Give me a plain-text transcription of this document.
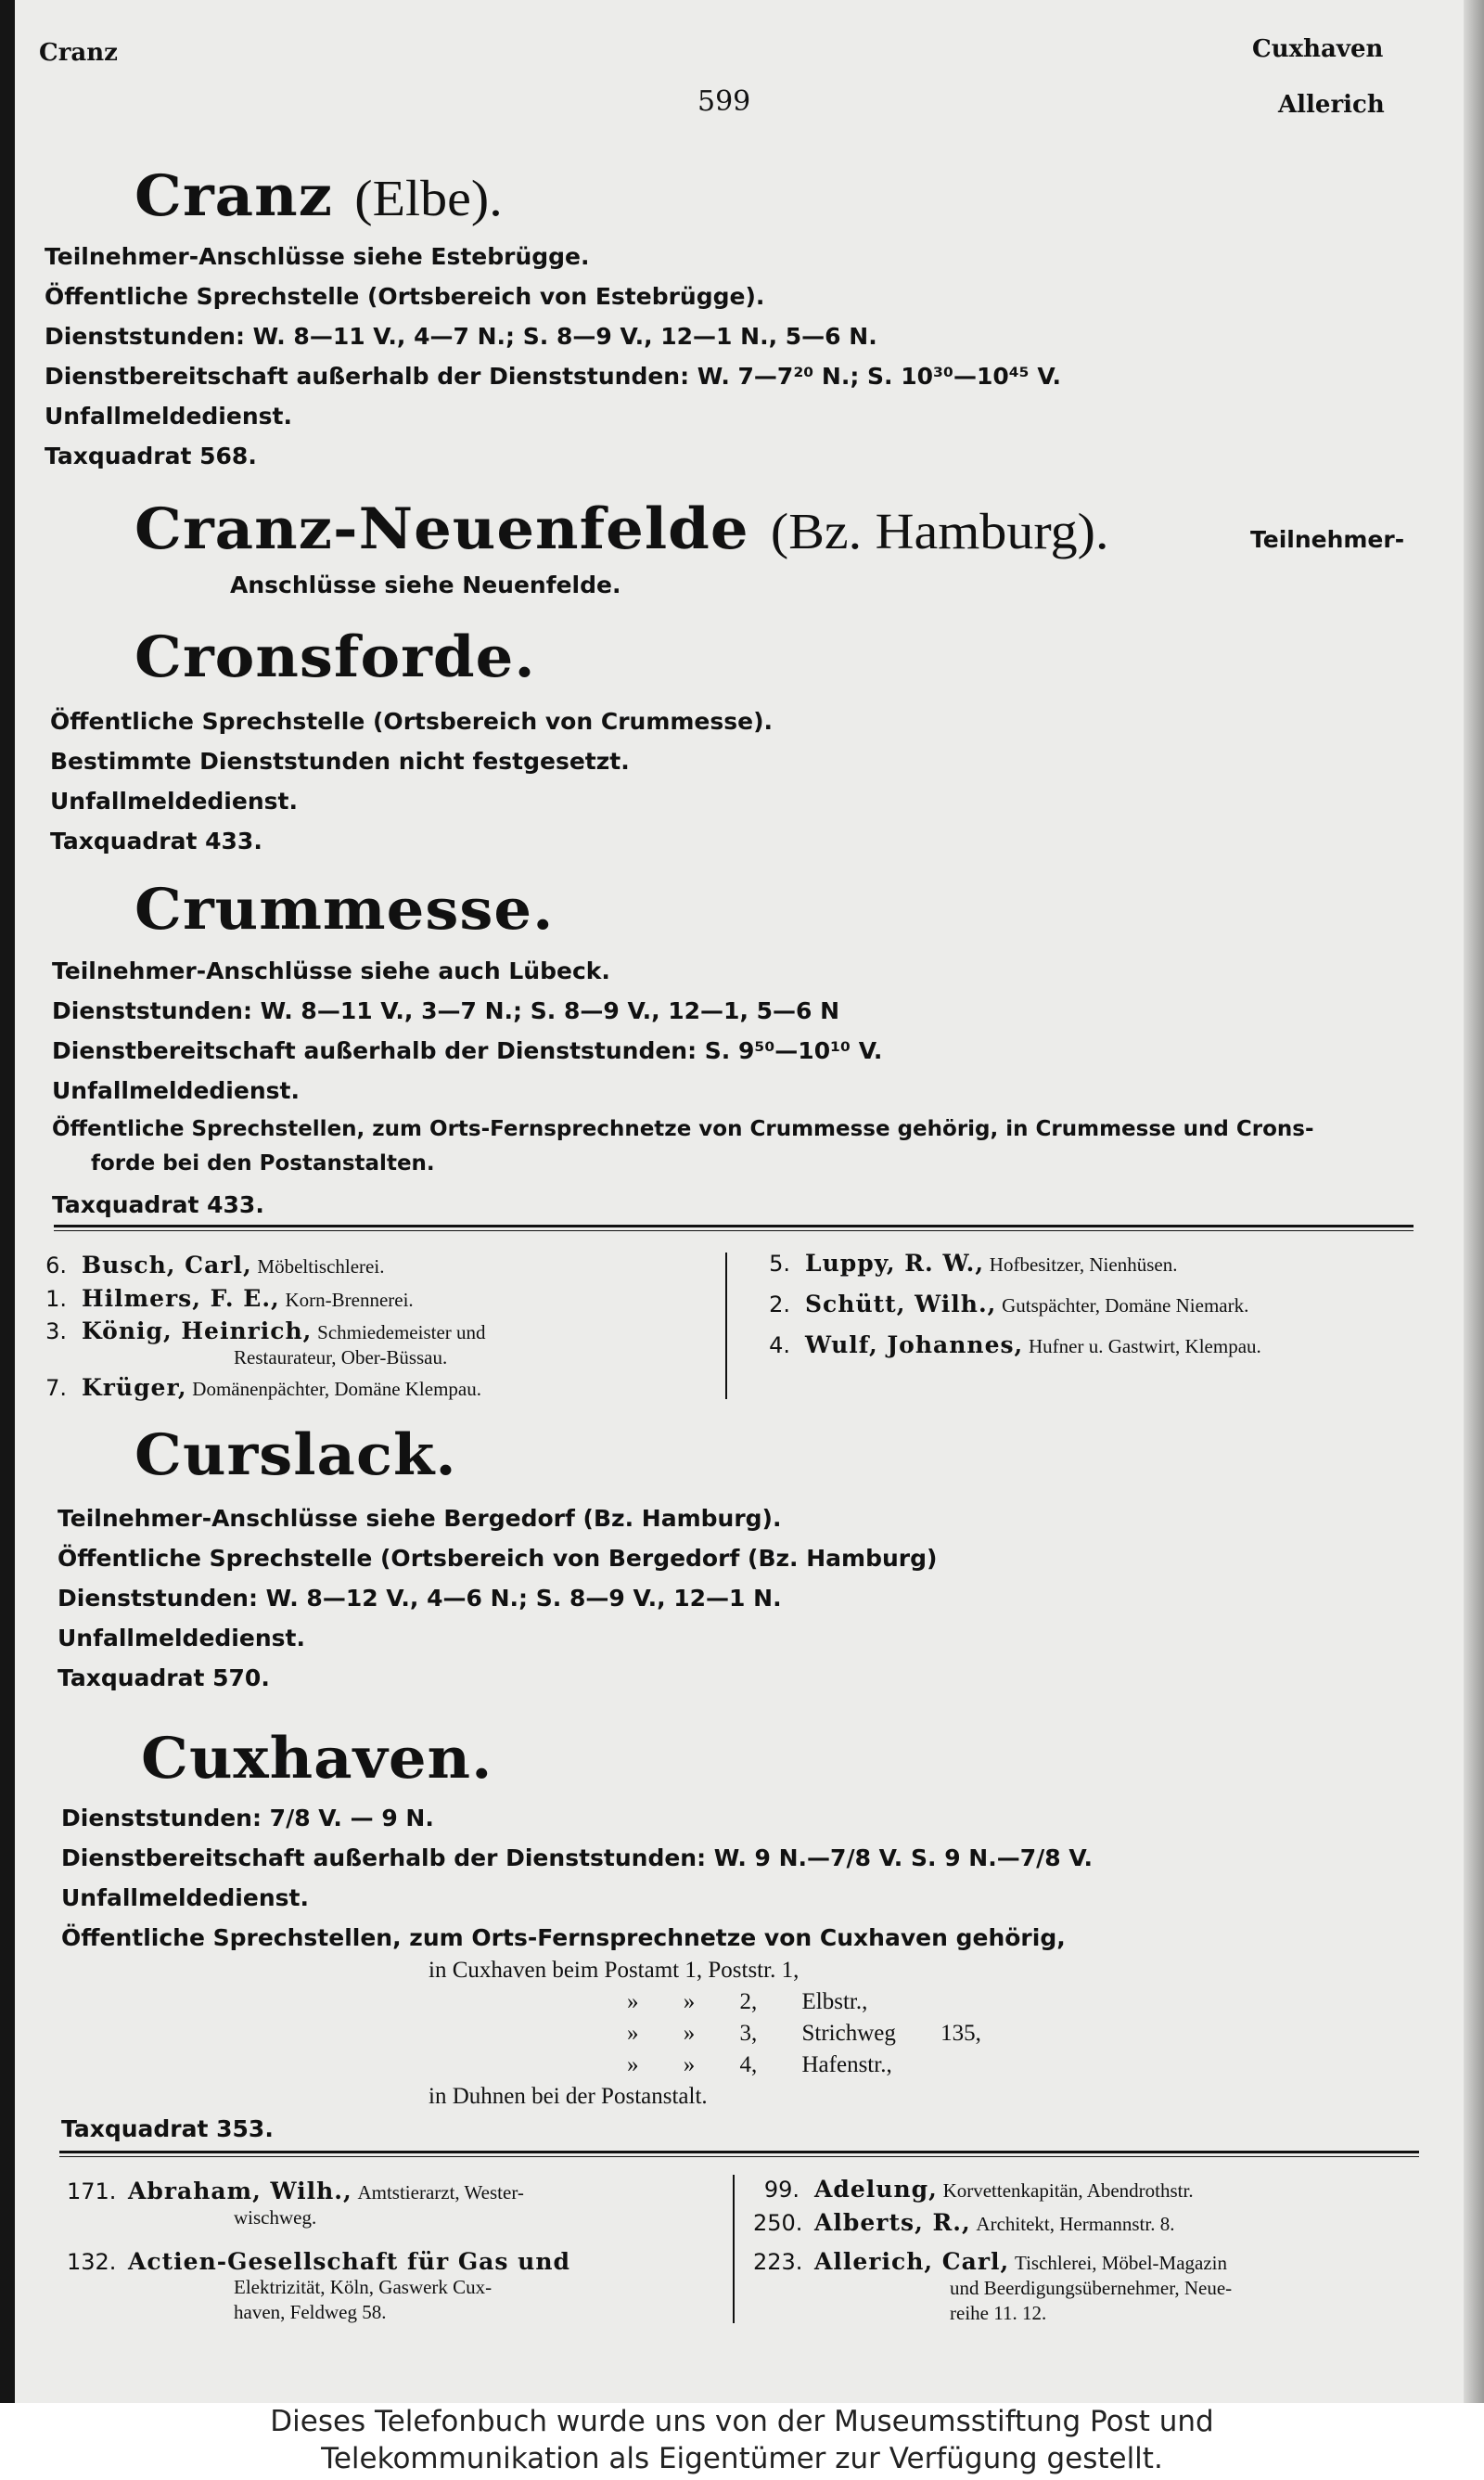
Cranz
599
Cuxhaven
Allerich
Cranz (Elbe).
Teilnehmer-Anschlüsse siehe Estebrügge.
Öffentliche Sprechstelle (Ortsbereich von Estebrügge).
Dienststunden: W. 8—11 V., 4—7 N.; S. 8—9 V., 12—1 N., 5—6 N.
Dienstbereitschaft außerhalb der Dienststunden: W. 7—7²⁰ N.; S. 10³⁰—10⁴⁵ V.
Unfallmeldedienst.
Taxquadrat 568.
Cranz-Neuenfelde (Bz. Hamburg).	Teilnehmer-
Anschlüsse siehe Neuenfelde.
Cronsforde.
Öffentliche Sprechstelle (Ortsbereich von Crummesse).
Bestimmte Dienststunden nicht festgesetzt.
Unfallmeldedienst.
Taxquadrat 433.
Crummesse.
Teilnehmer-Anschlüsse siehe auch Lübeck.
Dienststunden: W. 8—11 V., 3—7 N.; S. 8—9 V., 12—1, 5—6 N
Dienstbereitschaft außerhalb der Dienststunden: S. 9⁵⁰—10¹⁰ V.
Unfallmeldedienst.
Öffentliche Sprechstellen, zum Orts-Fernsprechnetze von Crummesse gehörig, in Crummesse und Crons-
forde bei den Postanstalten.
Taxquadrat 433.
6. Busch, Carl, Möbeltischlerei.
1. Hilmers, F. E., Korn-Brennerei.
3. König, Heinrich, Schmiedemeister und
Restaurateur, Ober-Büssau.
7. Krüger, Domänenpächter, Domäne Klempau.
5. Luppy, R. W., Hofbesitzer, Nienhüsen.
2. Schütt, Wilh., Gutspächter, Domäne Niemark.
4. Wulf, Johannes, Hufner u. Gastwirt, Klempau.
Curslack.
Teilnehmer-Anschlüsse siehe Bergedorf (Bz. Hamburg).
Öffentliche Sprechstelle (Ortsbereich von Bergedorf (Bz. Hamburg)
Dienststunden: W. 8—12 V., 4—6 N.; S. 8—9 V., 12—1 N.
Unfallmeldedienst.
Taxquadrat 570.
Cuxhaven.
Dienststunden: 7/8 V. — 9 N.
Dienstbereitschaft außerhalb der Dienststunden: W. 9 N.—7/8 V. S. 9 N.—7/8 V.
Unfallmeldedienst.
Öffentliche Sprechstellen, zum Orts-Fernsprechnetze von Cuxhaven gehörig,
in Cuxhaven beim Postamt 1, Poststr. 1,
» » 2, Elbstr.,
» » 3, Strichweg 135,
» » 4, Hafenstr.,
in Duhnen bei der Postanstalt.
Taxquadrat 353.
171. Abraham, Wilh., Amtstierarzt, Wester-
wischweg.
132. Actien-Gesellschaft für Gas und
Elektrizität, Köln, Gaswerk Cux-
haven, Feldweg 58.
99. Adelung, Korvettenkapitän, Abendrothstr.
250. Alberts, R., Architekt, Hermannstr. 8.
223. Allerich, Carl, Tischlerei, Möbel-Magazin
und Beerdigungsübernehmer, Neue-
reihe 11. 12.
Dieses Telefonbuch wurde uns von der Museumsstiftung Post und
Telekommunikation als Eigentümer zur Verfügung gestellt.
